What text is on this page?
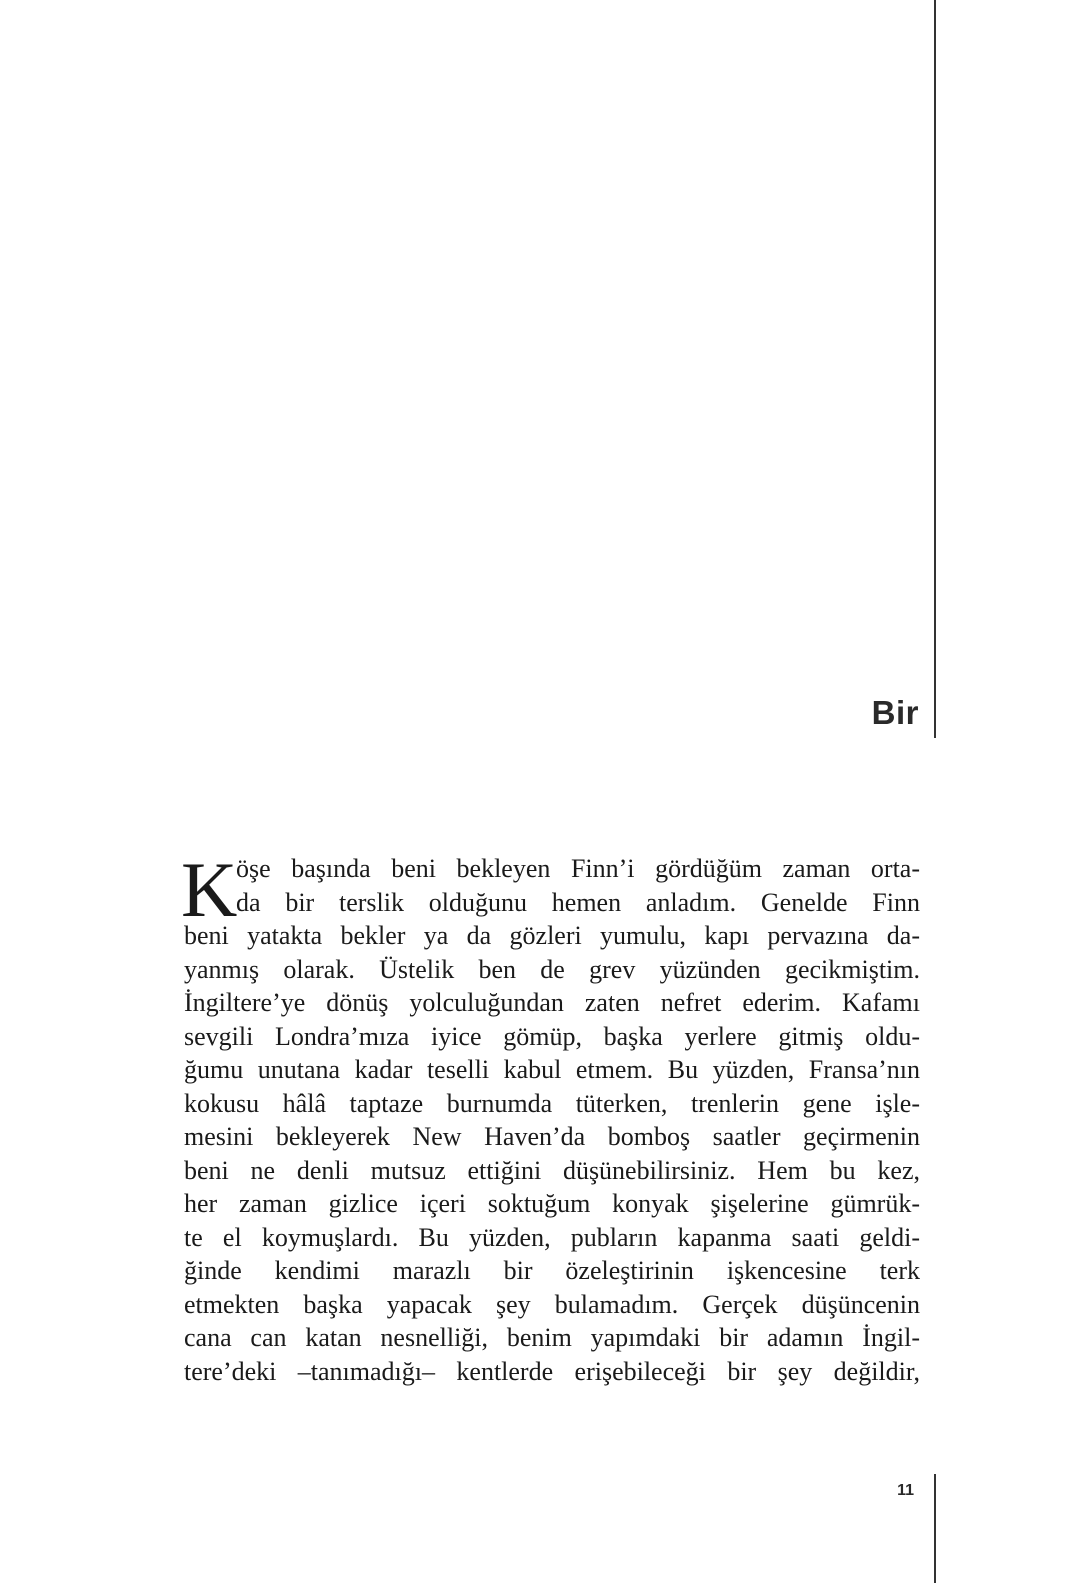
Bir
K
öşe başında beni bekleyen Finn’i gördüğüm zaman orta-
da bir terslik olduğunu hemen anladım. Genelde Finn
beni yatakta bekler ya da gözleri yumulu, kapı pervazına da-
yanmış olarak. Üstelik ben de grev yüzünden gecikmiştim.
İngiltere’ye dönüş yolculuğundan zaten nefret ederim. Kafamı
sevgili Londra’mıza iyice gömüp, başka yerlere gitmiş oldu-
ğumu unutana kadar teselli kabul etmem. Bu yüzden, Fransa’nın
kokusu hâlâ taptaze burnumda tüterken, trenlerin gene işle-
mesini bekleyerek New Haven’da bomboş saatler geçirmenin
beni ne denli mutsuz ettiğini düşünebilirsiniz. Hem bu kez,
her zaman gizlice içeri soktuğum konyak şişelerine gümrük-
te el koymuşlardı. Bu yüzden, pubların kapanma saati geldi-
ğinde kendimi marazlı bir özeleştirinin işkencesine terk
etmekten başka yapacak şey bulamadım. Gerçek düşüncenin
cana can katan nesnelliği, benim yapımdaki bir adamın İngil-
tere’deki –tanımadığı– kentlerde erişebileceği bir şey değildir,
11
